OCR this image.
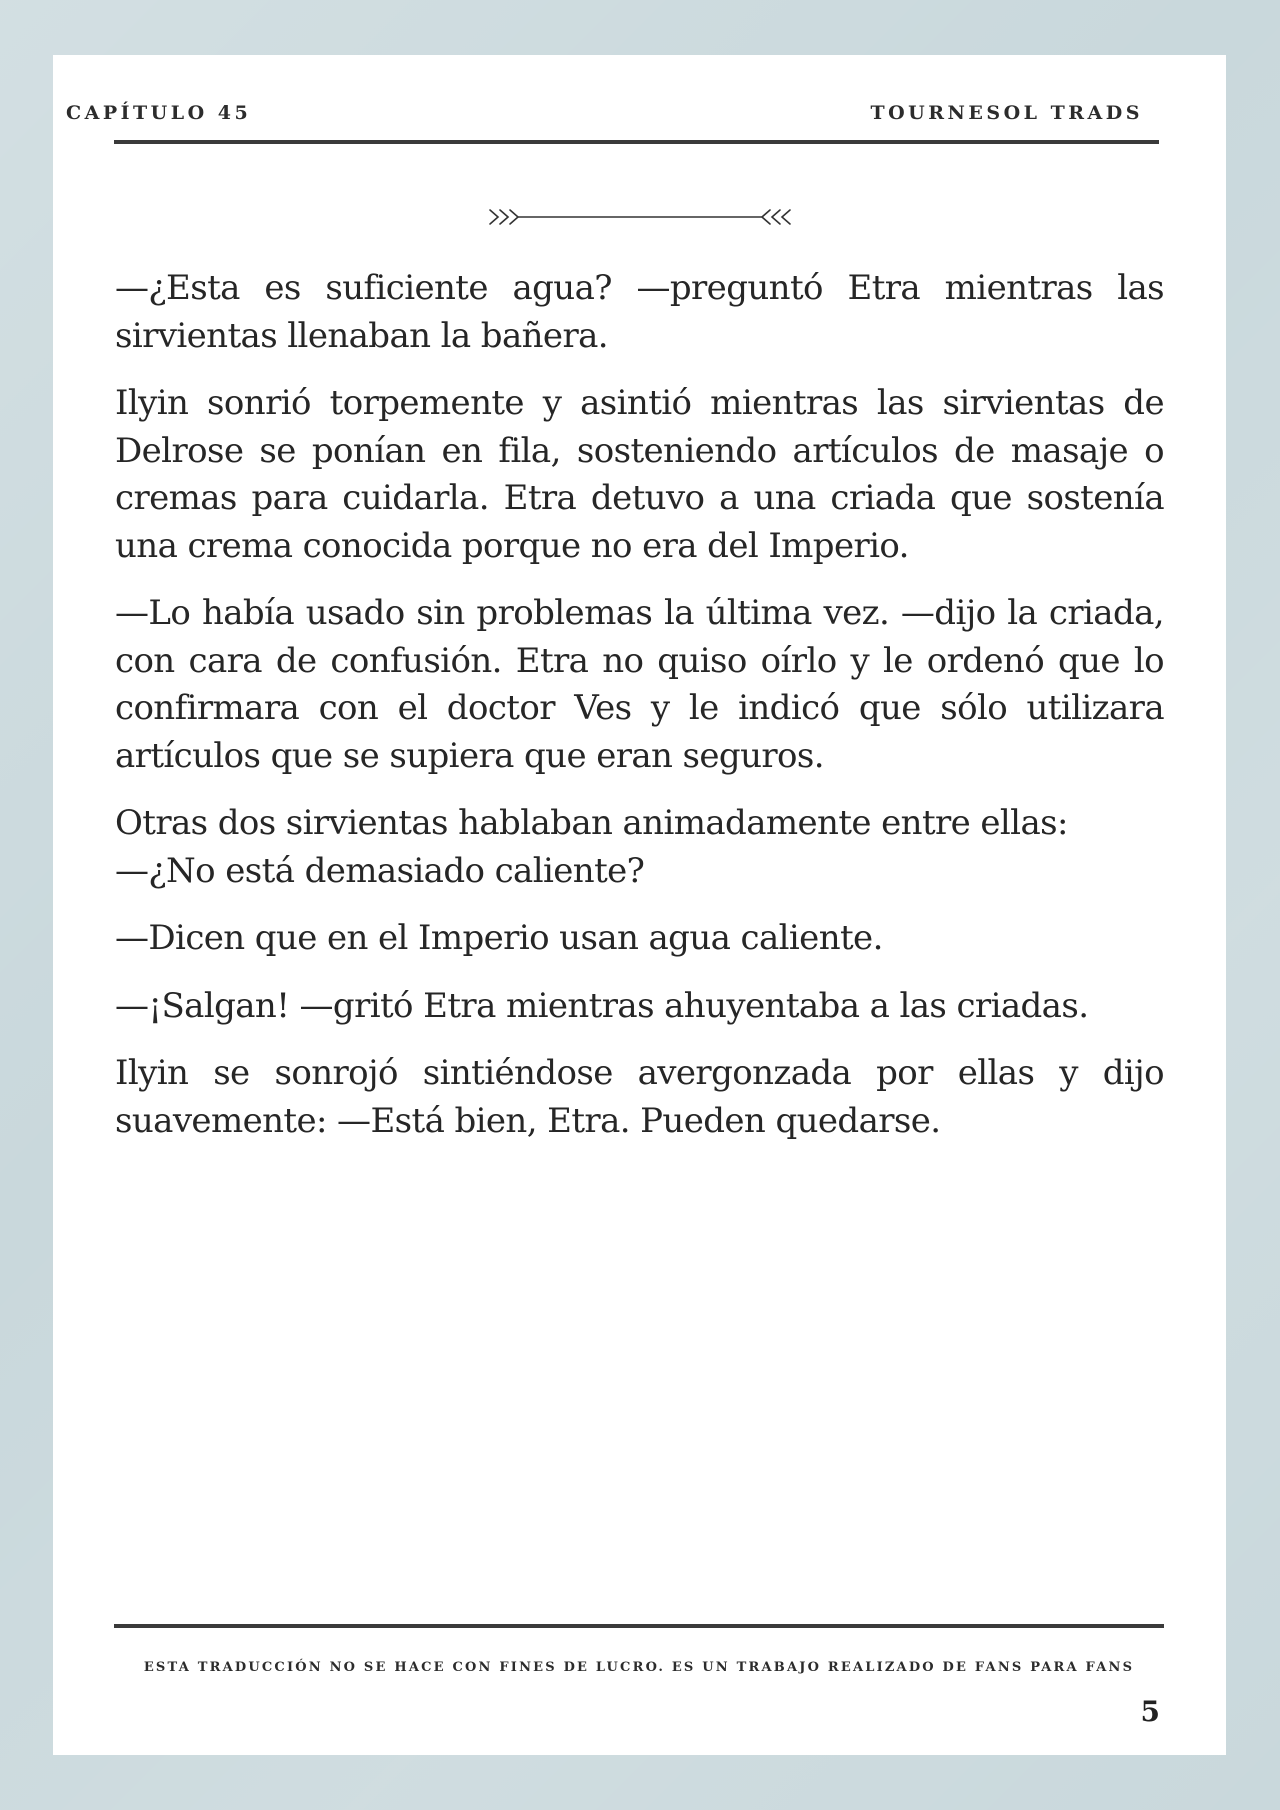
CAPÍTULO 45	TOURNESOL TRADS

—¿Esta es suficiente agua? —preguntó Etra mientras las sirvientas llenaban la bañera.

Ilyin sonrió torpemente y asintió mientras las sirvientas de Delrose se ponían en fila, sosteniendo artículos de masaje o cremas para cuidarla. Etra detuvo a una criada que sostenía una crema conocida porque no era del Imperio.

—Lo había usado sin problemas la última vez. —dijo la criada, con cara de confusión. Etra no quiso oírlo y le ordenó que lo confirmara con el doctor Ves y le indicó que sólo utilizara artículos que se supiera que eran seguros.

Otras dos sirvientas hablaban animadamente entre ellas:

—¿No está demasiado caliente?

—Dicen que en el Imperio usan agua caliente.

—¡Salgan! —gritó Etra mientras ahuyentaba a las criadas.

Ilyin se sonrojó sintiéndose avergonzada por ellas y dijo suavemente: —Está bien, Etra. Pueden quedarse.

ESTA TRADUCCIÓN NO SE HACE CON FINES DE LUCRO. ES UN TRABAJO REALIZADO DE FANS PARA FANS
5
